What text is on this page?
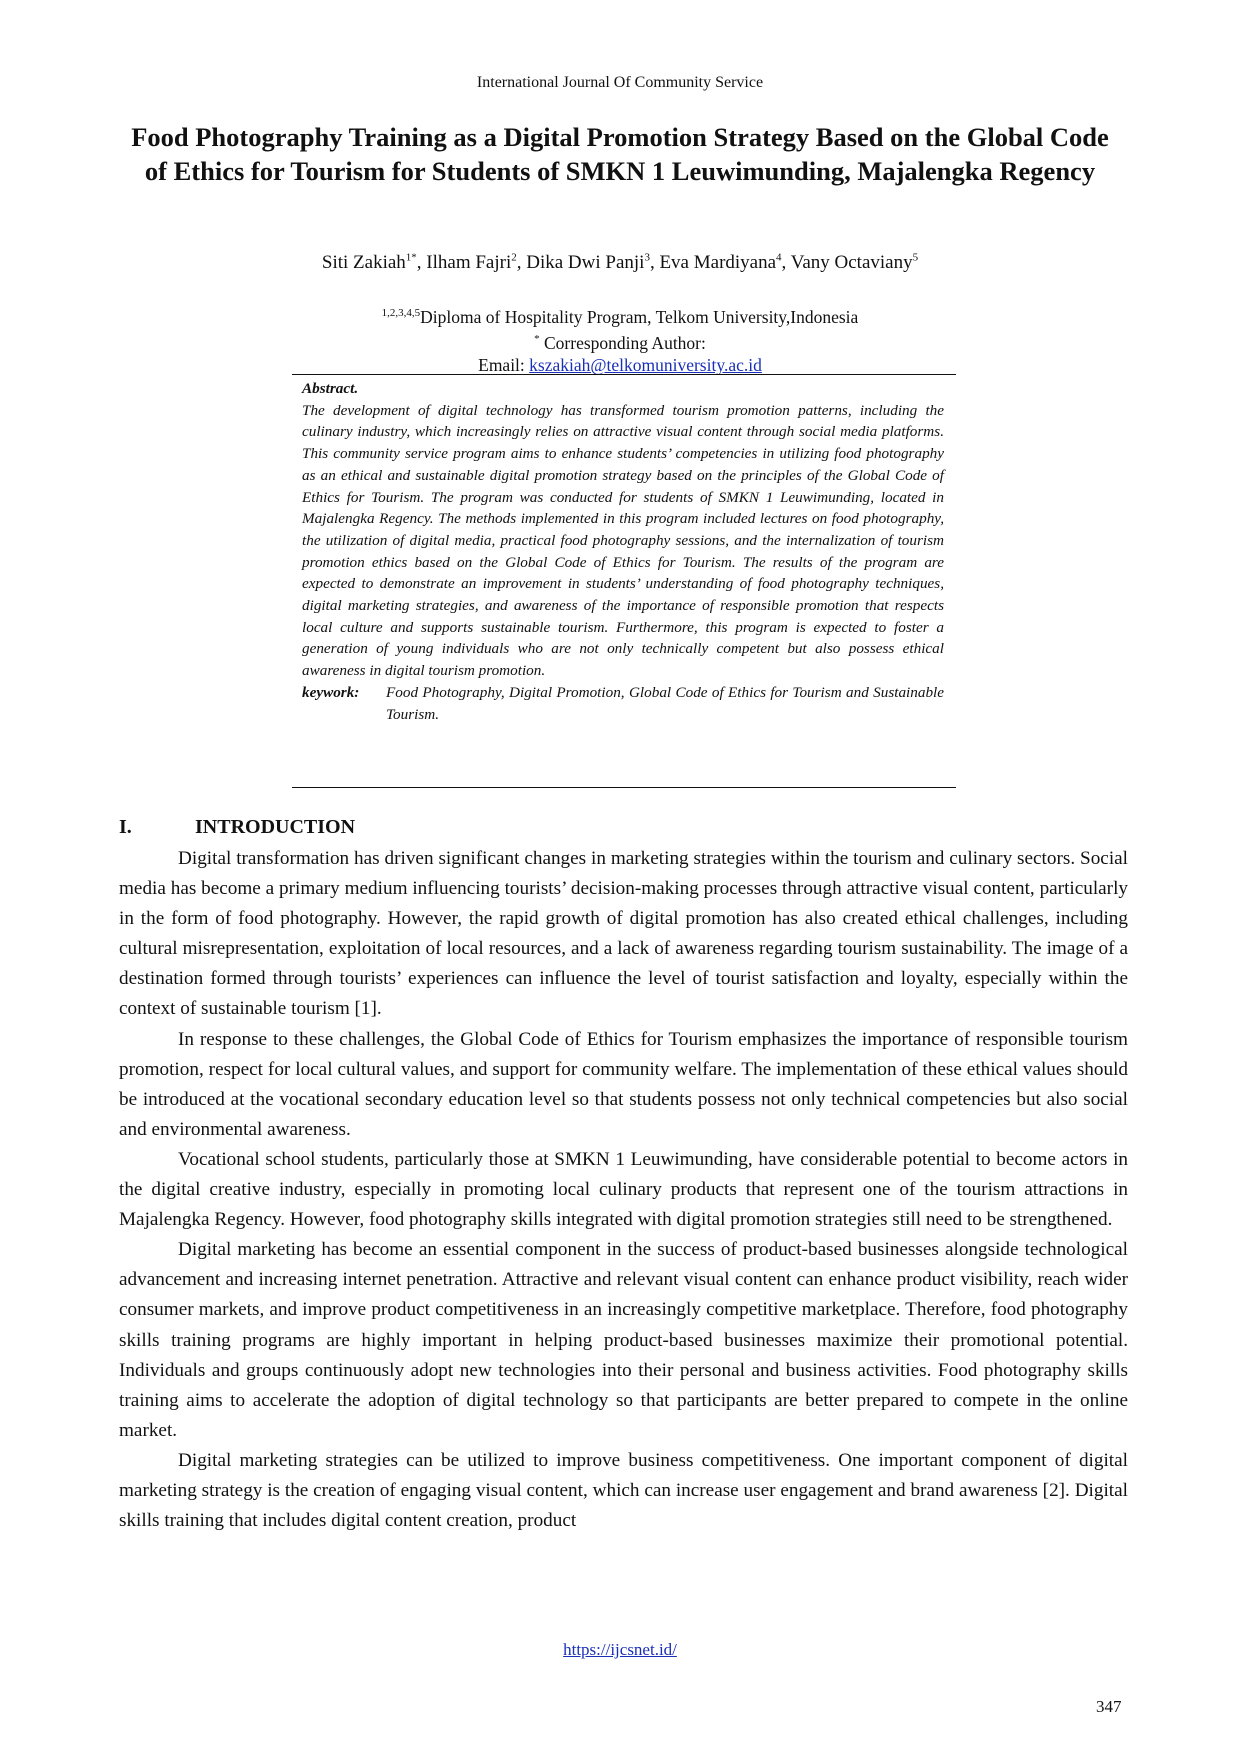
International Journal Of Community Service
Food Photography Training as a Digital Promotion Strategy Based on the Global Code of Ethics for Tourism for Students of SMKN 1 Leuwimunding, Majalengka Regency
Siti Zakiah$^{1*}$, Ilham Fajri$^2$, Dika Dwi Panji$^3$, Eva Mardiyana$^4$, Vany Octaviany$^5$
$^{1,2,3,4,5}$Diploma of Hospitality Program, Telkom University,Indonesia
* Corresponding Author:
Email: kszakiah@telkomuniversity.ac.id
Abstract.
The development of digital technology has transformed tourism promotion patterns, including the culinary industry, which increasingly relies on attractive visual content through social media platforms. This community service program aims to enhance students’ competencies in utilizing food photography as an ethical and sustainable digital promotion strategy based on the principles of the Global Code of Ethics for Tourism. The program was conducted for students of SMKN 1 Leuwimunding, located in Majalengka Regency. The methods implemented in this program included lectures on food photography, the utilization of digital media, practical food photography sessions, and the internalization of tourism promotion ethics based on the Global Code of Ethics for Tourism. The results of the program are expected to demonstrate an improvement in students’ understanding of food photography techniques, digital marketing strategies, and awareness of the importance of responsible promotion that respects local culture and supports sustainable tourism. Furthermore, this program is expected to foster a generation of young individuals who are not only technically competent but also possess ethical awareness in digital tourism promotion.
keywork:	Food Photography, Digital Promotion, Global Code of Ethics for Tourism and Sustainable Tourism.
I.	INTRODUCTION

Digital transformation has driven significant changes in marketing strategies within the tourism and culinary sectors. Social media has become a primary medium influencing tourists’ decision-making processes through attractive visual content, particularly in the form of food photography. However, the rapid growth of digital promotion has also created ethical challenges, including cultural misrepresentation, exploitation of local resources, and a lack of awareness regarding tourism sustainability. The image of a destination formed through tourists’ experiences can influence the level of tourist satisfaction and loyalty, especially within the context of sustainable tourism [1].

In response to these challenges, the Global Code of Ethics for Tourism emphasizes the importance of responsible tourism promotion, respect for local cultural values, and support for community welfare. The implementation of these ethical values should be introduced at the vocational secondary education level so that students possess not only technical competencies but also social and environmental awareness.

Vocational school students, particularly those at SMKN 1 Leuwimunding, have considerable potential to become actors in the digital creative industry, especially in promoting local culinary products that represent one of the tourism attractions in Majalengka Regency. However, food photography skills integrated with digital promotion strategies still need to be strengthened.

Digital marketing has become an essential component in the success of product-based businesses alongside technological advancement and increasing internet penetration. Attractive and relevant visual content can enhance product visibility, reach wider consumer markets, and improve product competitiveness in an increasingly competitive marketplace. Therefore, food photography skills training programs are highly important in helping product-based businesses maximize their promotional potential. Individuals and groups continuously adopt new technologies into their personal and business activities. Food photography skills training aims to accelerate the adoption of digital technology so that participants are better prepared to compete in the online market.

Digital marketing strategies can be utilized to improve business competitiveness. One important component of digital marketing strategy is the creation of engaging visual content, which can increase user engagement and brand awareness [2]. Digital skills training that includes digital content creation, product

https://ijcsnet.id/
347
